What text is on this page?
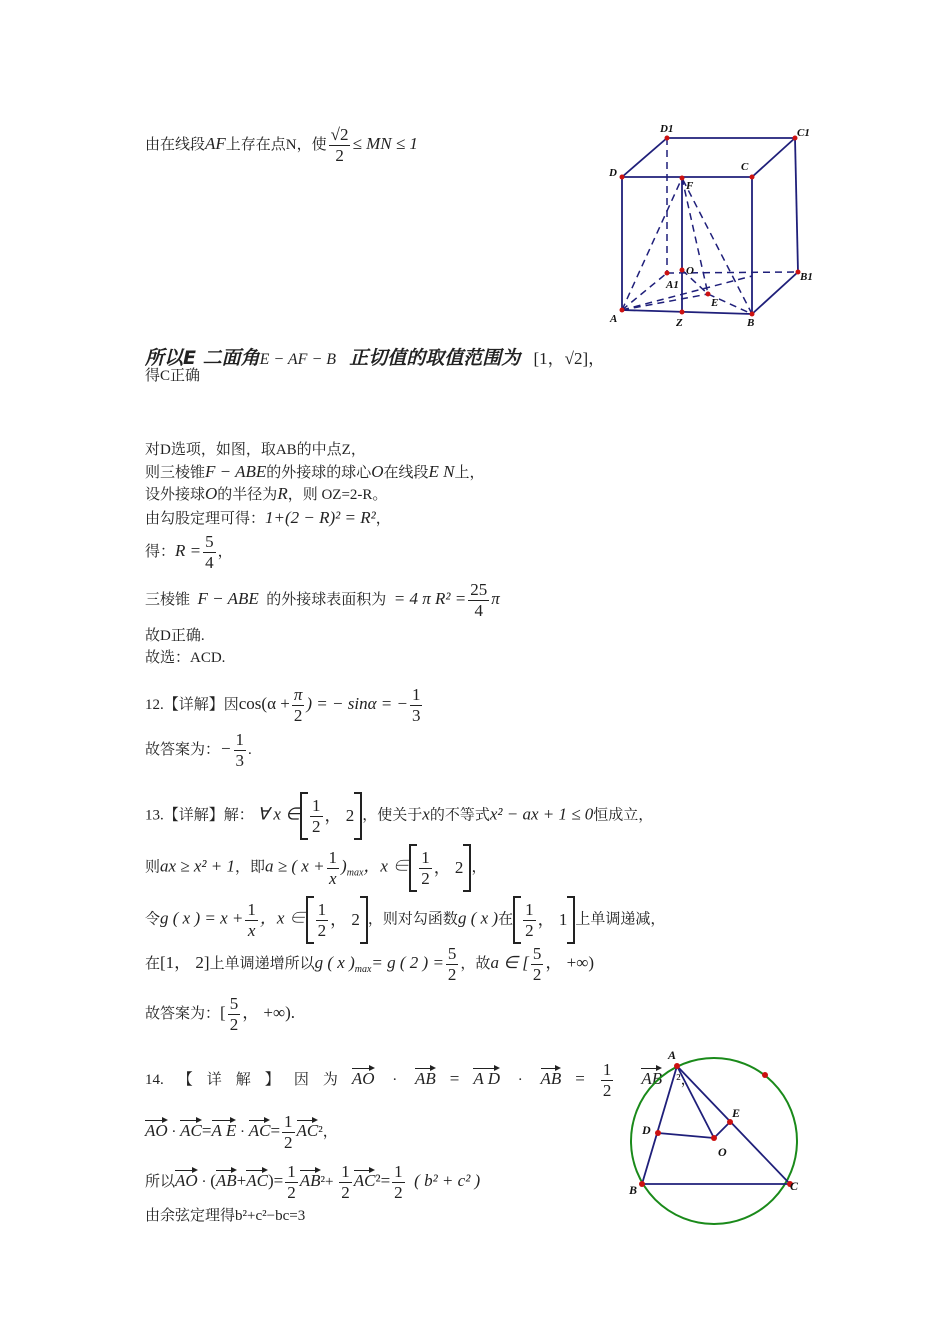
由在线段AF上存在点N，使 $\frac{√2}{2}$ ≤ MN ≤ 1
所以E 二面角E − AF − B 正切值的取值范围为 [1，√2]，
得C正确
对D选项，如图，取AB的中点Z，
则三棱锥F − ABE的外接球的球心O在线段E N上，
设外接球O的半径为R，则 OZ=2-R。
由勾股定理可得：1+(2 − R)² = R²，
得：$R = \frac{5}{4}$ ，
三棱锥 F − ABE 的外接球表面积为 = 4 π $R^2 = \frac{25}{4}$ π
故D正确.
故选：ACD.
12.【详解】因$\cos(\alpha + \frac{\pi}{2}$ ) = − sinα = − $\frac{1}{3}$
故答案为：− $\frac{1}{3}$ .
13.【详解】解： ∀ x ∈ $\frac{1}{2}$ ， 2 ，使关于x的不等式x² − ax + 1 ≤ 0恒成立，
则ax ≥ x² + 1，即a ≥ ( $x + \frac{1}{x} )_{max}$，x ∈ $\frac{1}{2}$ ， 2 ，
令g ( x ) = $x + \frac{1}{x}$ ，x ∈ $\frac{1}{2}$ ， 2 ，则对勾函数g ( x )在 $\frac{1}{2}$ ， 1 上单调递减，
在[1， 2]上单调递增所以g ( x )$_{max}= g$ ( 2 ) = $\frac{5}{2}$ ，故a ∈ [ $\frac{5}{2}$ ， +∞)
故答案为：[ $\frac{5}{2}$ ， +∞).
14. 【 详 解 】 因 为 AO · AB = A D · AB = $\frac{1}{2}$ AB ²，
AO · AC=A $E \cdot AC= \frac{1}{2} AC^2$，
所以AO · $(AB+AC)= \frac{1}{2} AB^2+ \frac{1}{2} AC^2= \frac{1}{2}$ ( b² + c² )
由余弦定理得b²+c²−bc=3
D1	C1
D	C
F
O
A1
B1
E
A	Z	B
A
E
D
O
B	C
